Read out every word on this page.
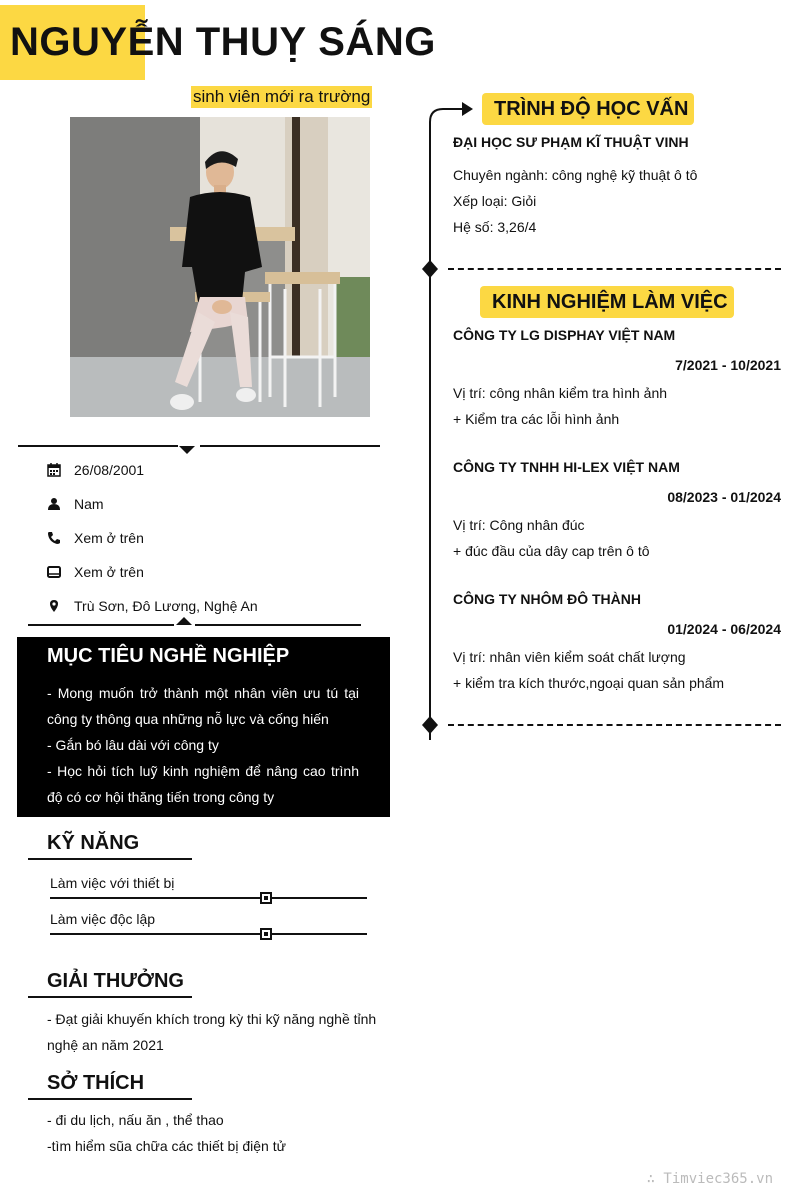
NGUYỄN THUỴ SÁNG
sinh viên mới ra trường
26/08/2001
Nam
Xem ở trên
Xem ở trên
Trù Sơn, Đô Lương, Nghệ An
MỤC TIÊU NGHỀ NGHIỆP
- Mong muốn trở thành một nhân viên ưu tú tại công ty thông qua những nỗ lực và cống hiến
- Gắn bó lâu dài với công ty
- Học hỏi tích luỹ kinh nghiệm để nâng cao trình độ có cơ hội thăng tiến trong công ty
KỸ NĂNG
Làm việc với thiết bị
Làm việc độc lập
GIẢI THƯỞNG
- Đạt giải khuyến khích trong kỳ thi kỹ năng nghề tỉnh nghệ an năm 2021
SỞ THÍCH
- đi du lịch, nấu ăn , thể thao
-tìm hiểm sũa chữa các thiết bị điện tử
TRÌNH ĐỘ HỌC VẤN
ĐẠI HỌC SƯ PHẠM KĨ THUẬT VINH
Chuyên ngành: công nghệ kỹ thuật ô tô
Xếp loại: Giỏi
Hệ số: 3,26/4
KINH NGHIỆM LÀM VIỆC
CÔNG TY LG DISPHAY VIỆT NAM
7/2021 - 10/2021
Vị trí: công nhân kiểm tra hình ảnh
+ Kiểm tra các lỗi hình ảnh
CÔNG TY TNHH HI-LEX VIỆT NAM
08/2023 - 01/2024
Vị trí: Công nhân đúc
+ đúc đầu của dây cap trên ô tô
CÔNG TY NHÔM ĐÔ THÀNH
01/2024 - 06/2024
Vị trí: nhân viên kiểm soát chất lượng
+ kiểm tra kích thước,ngoại quan sản phẩm
∴ Timviec365.vn
